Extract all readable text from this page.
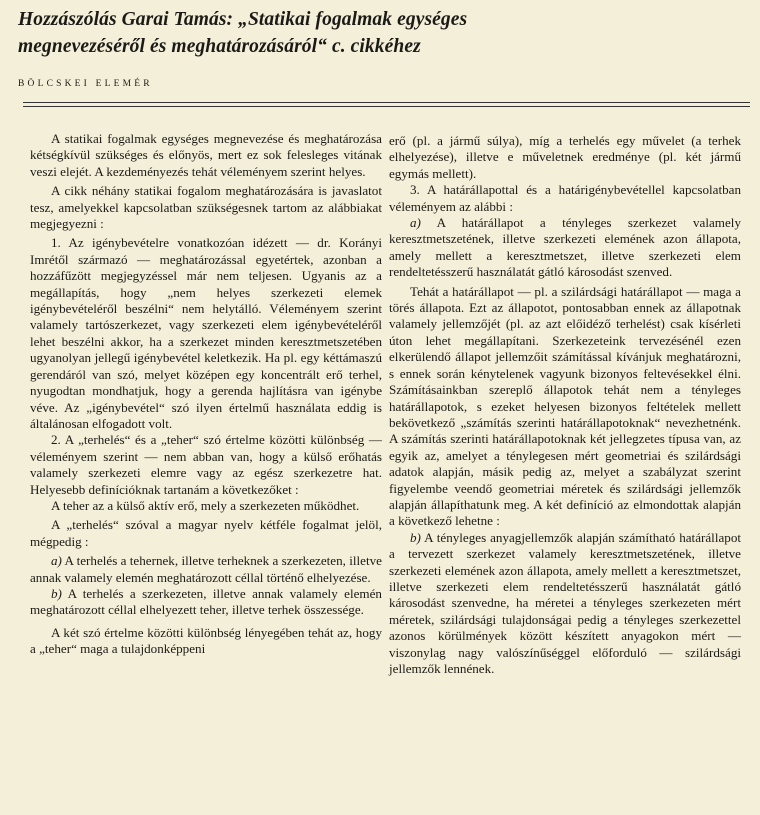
Hozzászólás Garai Tamás: „Statikai fogalmak egységes
megnevezéséről és meghatározásáról“ c. cikkéhez
BÖLCSKEI ELEMÉR

A statikai fogalmak egységes megnevezése és meghatározása kétségkívül szükséges és előnyös, mert ez sok felesleges vitának veszi elejét. A kezdeményezés tehát véleményem szerint helyes.

A cikk néhány statikai fogalom meghatározására is javaslatot tesz, amelyekkel kapcsolatban szükségesnek tartom az alábbiakat megjegyezni :

1. Az igénybevételre vonatkozóan idézett — dr. Korányi Imrétől származó — meghatározással egyetértek, azonban a hozzáfűzött megjegyzéssel már nem teljesen. Ugyanis az a megállapítás, hogy „nem helyes szerkezeti elemek igénybevételéről beszélni“ nem helytálló. Véleményem szerint valamely tartószerkezet, vagy szerkezeti elem igénybevételéről lehet beszélni akkor, ha a szerkezet minden keresztmetszetében ugyanolyan jellegű igénybevétel keletkezik. Ha pl. egy kéttámaszú gerendáról van szó, melyet középen egy koncentrált erő terhel, nyugodtan mondhatjuk, hogy a gerenda hajlításra van igénybe véve. Az „igénybevétel“ szó ilyen értelmű használata eddig is általánosan elfogadott volt.

2. A „terhelés“ és a „teher“ szó értelme közötti különbség — véleményem szerint — nem abban van, hogy a külső erőhatás valamely szerkezeti elemre vagy az egész szerkezetre hat. Helyesebb definícióknak tartanám a következőket :

A teher az a külső aktív erő, mely a szerkezeten működhet.

A „terhelés“ szóval a magyar nyelv kétféle fogalmat jelöl, mégpedig :

a) A terhelés a tehernek, illetve terheknek a szerkezeten, illetve annak valamely elemén meghatározott céllal történő elhelyezése.

b) A terhelés a szerkezeten, illetve annak valamely elemén meghatározott céllal elhelyezett teher, illetve terhek összessége.

A két szó értelme közötti különbség lényegében tehát az, hogy a „teher“ maga a tulajdonképpeni

erő (pl. a jármű súlya), míg a terhelés egy művelet (a terhek elhelyezése), illetve e műveletnek eredménye (pl. két jármű egymás mellett).

3. A határállapottal és a határigénybevétellel kapcsolatban véleményem az alábbi :

a) A határállapot a tényleges szerkezet valamely keresztmetszetének, illetve szerkezeti elemének azon állapota, amely mellett a keresztmetszet, illetve szerkezeti elem rendeltetésszerű használatát gátló károsodást szenved.

Tehát a határállapot — pl. a szilárdsági határállapot — maga a törés állapota. Ezt az állapotot, pontosabban ennek az állapotnak valamely jellemzőjét (pl. az azt előidéző terhelést) csak kísérleti úton lehet megállapítani. Szerkezeteink tervezésénél ezen elkerülendő állapot jellemzőit számítással kívánjuk meghatározni, s ennek során kénytelenek vagyunk bizonyos feltevésekkel élni. Számításainkban szereplő állapotok tehát nem a tényleges határállapotok, s ezeket helyesen bizonyos feltételek mellett bekövetkező „számítás szerinti határállapotoknak“ nevezhetnénk. A számítás szerinti határállapotoknak két jellegzetes típusa van, az egyik az, amelyet a ténylegesen mért geometriai és szilárdsági adatok alapján, másik pedig az, melyet a szabályzat szerint figyelembe veendő geometriai méretek és szilárdsági jellemzők alapján állapíthatunk meg. A két definíció az elmondottak alapján a következő lehetne :

b) A tényleges anyagjellemzők alapján számítható határállapot a tervezett szerkezet valamely keresztmetszetének, illetve szerkezeti elemének azon állapota, amely mellett a keresztmetszet, illetve szerkezeti elem rendeltetésszerű használatát gátló károsodást szenvedne, ha méretei a tényleges szerkezeten mért méretek, szilárdsági tulajdonságai pedig a tényleges szerkezettel azonos körülmények között készített anyagokon mért — viszonylag nagy valószínűséggel előforduló — szilárdsági jellemzők lennének.
